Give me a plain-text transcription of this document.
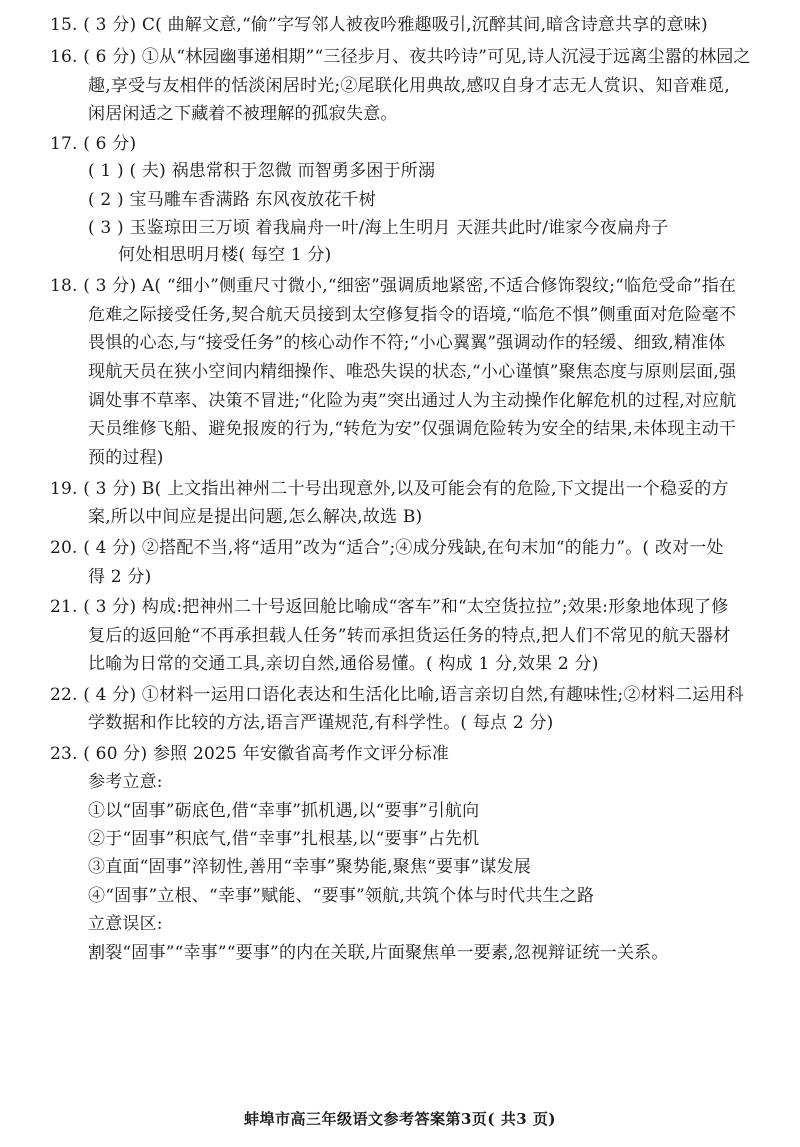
15. ( 3 分) C( 曲解文意,“偷”字写邻人被夜吟雅趣吸引,沉醉其间,暗含诗意共享的意味)
16. ( 6 分) ①从“林园幽事递相期”“三径步月、夜共吟诗”可见,诗人沉浸于远离尘嚣的林园之
趣,享受与友相伴的恬淡闲居时光;②尾联化用典故,感叹自身才志无人赏识、知音难觅,
闲居闲适之下藏着不被理解的孤寂失意。
17. ( 6 分)
( 1 ) ( 夫) 祸患常积于忽微 而智勇多困于所溺
( 2 ) 宝马雕车香满路 东风夜放花千树
( 3 ) 玉鉴琼田三万顷 着我扁舟一叶/海上生明月 天涯共此时/谁家今夜扁舟子
何处相思明月楼( 每空 1 分)
18. ( 3 分) A( “细小”侧重尺寸微小,“细密”强调质地紧密,不适合修饰裂纹;“临危受命”指在
危难之际接受任务,契合航天员接到太空修复指令的语境,“临危不惧”侧重面对危险毫不
畏惧的心态,与“接受任务”的核心动作不符;“小心翼翼”强调动作的轻缓、细致,精准体
现航天员在狭小空间内精细操作、唯恐失误的状态,“小心谨慎”聚焦态度与原则层面,强
调处事不草率、决策不冒进;“化险为夷”突出通过人为主动操作化解危机的过程,对应航
天员维修飞船、避免报废的行为,“转危为安”仅强调危险转为安全的结果,未体现主动干
预的过程)
19. ( 3 分) B( 上文指出神州二十号出现意外,以及可能会有的危险,下文提出一个稳妥的方
案,所以中间应是提出问题,怎么解决,故选 B)
20. ( 4 分) ②搭配不当,将“适用”改为“适合”;④成分残缺,在句末加“的能力”。( 改对一处
得 2 分)
21. ( 3 分) 构成:把神州二十号返回舱比喻成“客车”和“太空货拉拉”;效果:形象地体现了修
复后的返回舱“不再承担载人任务”转而承担货运任务的特点,把人们不常见的航天器材
比喻为日常的交通工具,亲切自然,通俗易懂。( 构成 1 分,效果 2 分)
22. ( 4 分) ①材料一运用口语化表达和生活化比喻,语言亲切自然,有趣味性;②材料二运用科
学数据和作比较的方法,语言严谨规范,有科学性。( 每点 2 分)
23. ( 60 分) 参照 2025 年安徽省高考作文评分标准
参考立意:
①以“固事”砺底色,借“幸事”抓机遇,以“要事”引航向
②于“固事”积底气,借“幸事”扎根基,以“要事”占先机
③直面“固事”淬韧性,善用“幸事”聚势能,聚焦“要事”谋发展
④“固事”立根、“幸事”赋能、“要事”领航,共筑个体与时代共生之路
立意误区:
割裂“固事”“幸事”“要事”的内在关联,片面聚焦单一要素,忽视辩证统一关系。
蚌埠市高三年级语文参考答案第3页( 共3 页)
